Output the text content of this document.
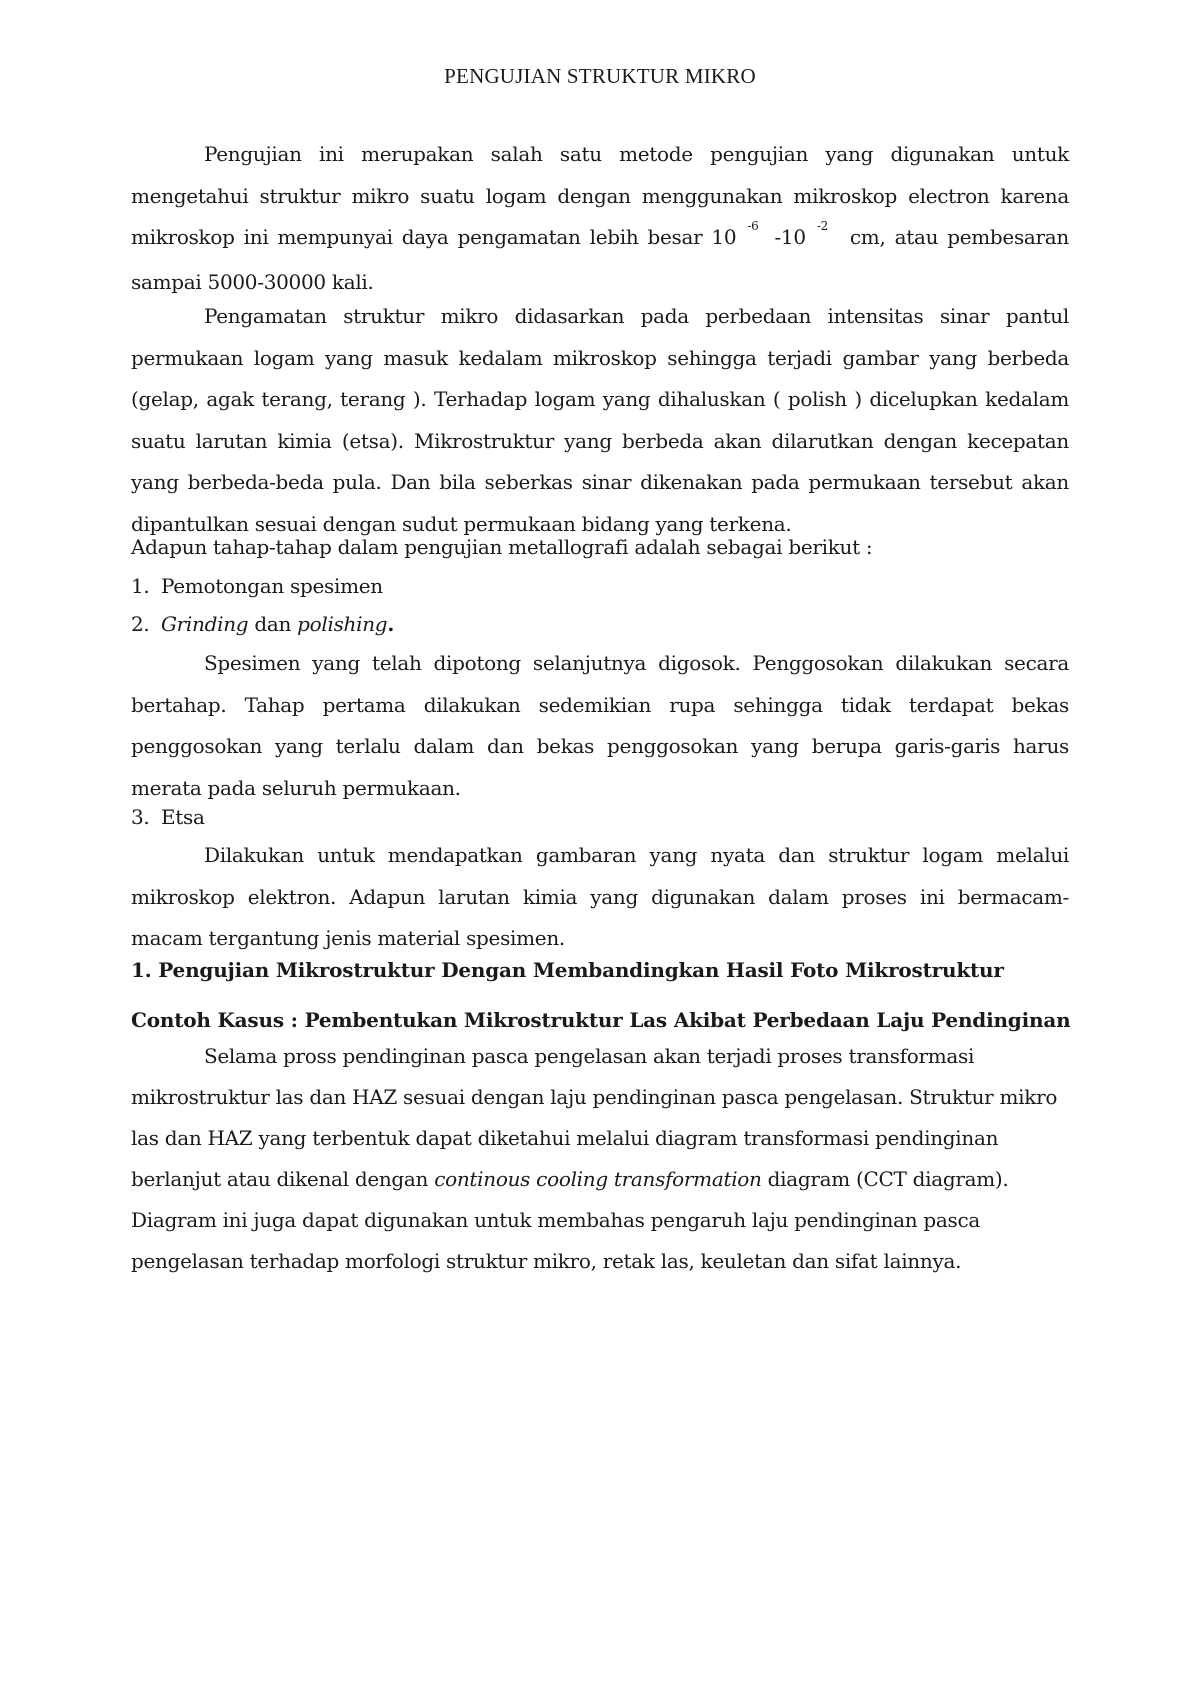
PENGUJIAN STRUKTUR MIKRO
Pengujian ini merupakan salah satu metode pengujian yang digunakan untuk mengetahui struktur mikro suatu logam dengan menggunakan mikroskop electron karena mikroskop ini mempunyai daya pengamatan lebih besar 10 $^{-6}$ -10 $^{-2}$ cm, atau pembesaran sampai 5000-30000 kali.
Pengamatan struktur mikro didasarkan pada perbedaan intensitas sinar pantul permukaan logam yang masuk kedalam mikroskop sehingga terjadi gambar yang berbeda (gelap, agak terang, terang ). Terhadap logam yang dihaluskan ( polish ) dicelupkan kedalam suatu larutan kimia (etsa). Mikrostruktur yang berbeda akan dilarutkan dengan kecepatan yang berbeda-beda pula. Dan bila seberkas sinar dikenakan pada permukaan tersebut akan dipantulkan sesuai dengan sudut permukaan bidang yang terkena.
Adapun tahap-tahap dalam pengujian metallografi adalah sebagai berikut :
1. Pemotongan spesimen
2. Grinding dan polishing.
Spesimen yang telah dipotong selanjutnya digosok. Penggosokan dilakukan secara bertahap. Tahap pertama dilakukan sedemikian rupa sehingga tidak terdapat bekas penggosokan yang terlalu dalam dan bekas penggosokan yang berupa garis-garis harus merata pada seluruh permukaan.
3. Etsa
Dilakukan untuk mendapatkan gambaran yang nyata dan struktur logam melalui mikroskop elektron. Adapun larutan kimia yang digunakan dalam proses ini bermacam-macam tergantung jenis material spesimen.
1. Pengujian Mikrostruktur Dengan Membandingkan Hasil Foto Mikrostruktur
Contoh Kasus : Pembentukan Mikrostruktur Las Akibat Perbedaan Laju Pendinginan
Selama pross pendinginan pasca pengelasan akan terjadi proses transformasi mikrostruktur las dan HAZ sesuai dengan laju pendinginan pasca pengelasan. Struktur mikro las dan HAZ yang terbentuk dapat diketahui melalui diagram transformasi pendinginan berlanjut atau dikenal dengan continous cooling transformation diagram (CCT diagram). Diagram ini juga dapat digunakan untuk membahas pengaruh laju pendinginan pasca pengelasan terhadap morfologi struktur mikro, retak las, keuletan dan sifat lainnya.
